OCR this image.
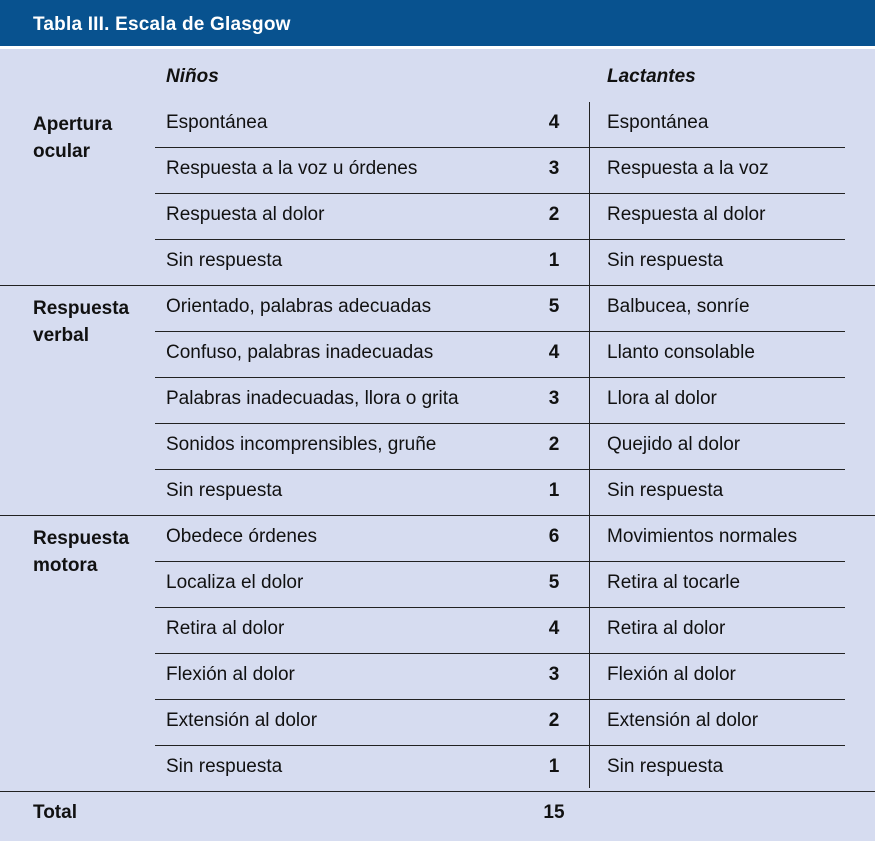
Tabla III. Escala de Glasgow
Niños	Lactantes
Apertura
ocular
Espontánea	4	Espontánea
Respuesta a la voz u órdenes	3	Respuesta a la voz
Respuesta al dolor	2	Respuesta al dolor
Sin respuesta	1	Sin respuesta
Respuesta
verbal
Orientado, palabras adecuadas	5	Balbucea, sonríe
Confuso, palabras inadecuadas	4	Llanto consolable
Palabras inadecuadas, llora o grita	3	Llora al dolor
Sonidos incomprensibles, gruñe	2	Quejido al dolor
Sin respuesta	1	Sin respuesta
Respuesta
motora
Obedece órdenes	6	Movimientos normales
Localiza el dolor	5	Retira al tocarle
Retira al dolor	4	Retira al dolor
Flexión al dolor	3	Flexión al dolor
Extensión al dolor	2	Extensión al dolor
Sin respuesta	1	Sin respuesta
Total	15
